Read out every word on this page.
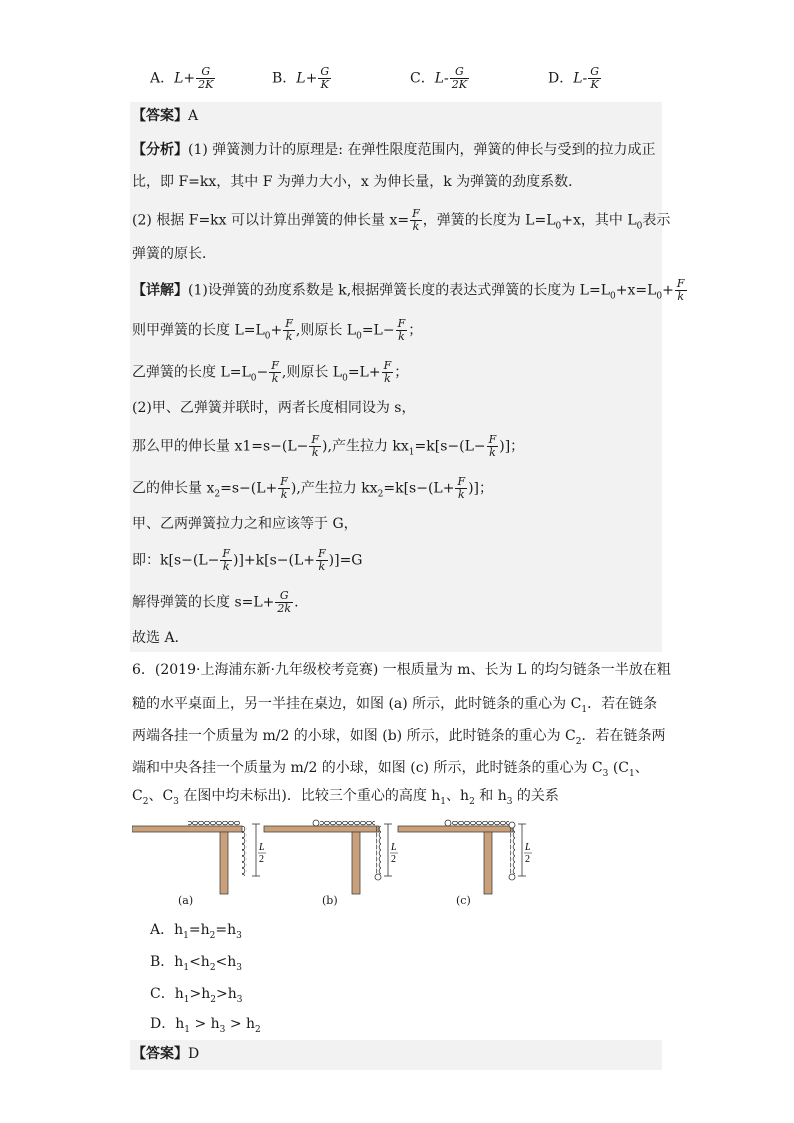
A．$L+ \frac{G}{2K}$	B．$L+ \frac{G}{K}$	C．$L- \frac{G}{2K}$	D．$L- \frac{G}{K}$
【答案】A
【分析】(1) 弹簧测力计的原理是: 在弹性限度范围内，弹簧的伸长与受到的拉力成正
比，即 F=kx，其中 F 为弹力大小，x 为伸长量，k 为弹簧的劲度系数．
(2) 根据 F=kx 可以计算出弹簧的伸长量 $x= \frac{F}{k}$ ，弹簧的长度为 $L=L_0+x$，其中 $L_0$表示
弹簧的原长．
【详解】(1)设弹簧的劲度系数是 k,根据弹簧长度的表达式弹簧的长度为 $L=L_0+x=L_0+ \frac{F}{k}$
则甲弹簧的长度 $L=L_0+ \frac{F}{k}$ ,则原长 $L_0=L- \frac{F}{k}$ ；
乙弹簧的长度 $L=L_0- \frac{F}{k}$ ,则原长 $L_0=L+ \frac{F}{k}$ ；
(2)甲、乙弹簧并联时，两者长度相同设为 s，
那么甲的伸长量 $x1=s-(L- \frac{F}{k}$ ),产生拉力 $kx_1=k[s-(L- \frac{F}{k}$ )]；
乙的伸长量 $x_2=s-(L+ \frac{F}{k}$ ),产生拉力 $kx_2=k[s-(L+ \frac{F}{k}$ )]；
甲、乙两弹簧拉力之和应该等于 G，
即：$k[s-(L- \frac{F}{k} )]+k[s-(L+ \frac{F}{k} )]=G$
解得弹簧的长度 $s=L+ \frac{G}{2k}$ .
故选 A.
6．(2019·上海浦东新·九年级校考竞赛) 一根质量为 m、长为 L 的均匀链条一半放在粗
糙的水平桌面上，另一半挂在桌边，如图 (a) 所示，此时链条的重心为 $C_1$．若在链条
两端各挂一个质量为 m/2 的小球，如图 (b) 所示，此时链条的重心为 $C_2$．若在链条两
端和中央各挂一个质量为 m/2 的小球，如图 (c) 所示，此时链条的重心为 $C_3$ ($C_1$、
$C_2$、$C_3$ 在图中均未标出)．比较三个重心的高度 $h_1$、$h_2$ 和 $h_3$ 的关系
L
2
L
2
L
2
(a)	(b)	(c)
A．$h_1=h_2=h_3$
B．$h_1<h_2<h_3$
C．$h_1>h_2>h_3$
D．$h_1 > h_3 > h_2$
【答案】D
